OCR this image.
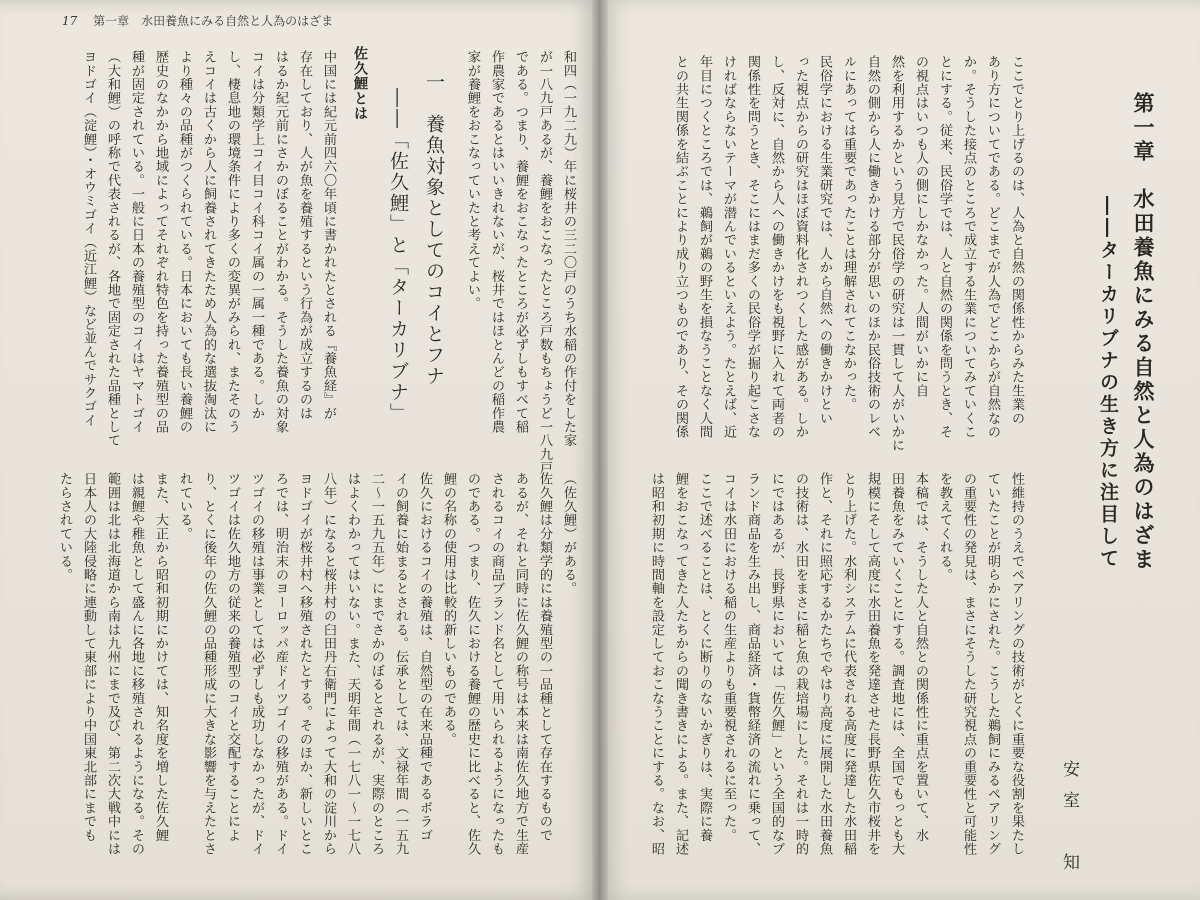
17 第一章　水田養魚にみる自然と人為のはざま
一　養魚対象としてのコイとフナ
――「佐久鯉」と「ターカリブナ」
佐久鯉とは	和四（一九二九）年に桜井の三二〇戸のうち水稲の作付をした家
が一八九戸あるが、養鯉をおこなったところ戸数もちょうど一八九戸
である。つまり、養鯉をおこなったところが必ずしもすべて稲
作農家であるとはいいきれないが、桜井ではほとんどの稲作農
家が養鯉をおこなっていたと考えてよい。
中国には紀元前四六〇年頃に書かれたとされる『養魚経』が
存在しており、人が魚を養殖するという行為が成立するのは
はるか紀元前にさかのぼることがわかる。そうした養魚の対象
コイは分類学上コイ目コイ科コイ属の一属一種である。しか
し、棲息地の環境条件により多くの変異がみられ、またそのう
えコイは古くから人に飼養されてきたため人為的な選抜淘汰に
より種々の品種がつくられている。日本においても長い養鯉の
歴史のなかから地域によってそれぞれ特色を持った養殖型の品
種が固定されている。一般に日本の養殖型のコイはヤマトゴイ
（大和鯉）の呼称で代表されるが、各地で固定された品種として
ヨドゴイ（淀鯉）・オウミゴイ（近江鯉）など並んでサクゴイ
（佐久鯉）がある。
佐久鯉は分類学的には養殖型の一品種として存在するもので
あるが、それと同時に佐久鯉の称号は本来は南佐久地方で生産
されるコイの商品ブランド名として用いられるようになったも
のである。つまり、佐久における養鯉の歴史に比べると、佐久
鯉の名称の使用は比較的新しいものである。
佐久におけるコイの養殖は、自然型の在来品種であるボラゴ
イの飼養に始まるとされる。伝承としては、文禄年間（一五九
二～一五九五年）にまでさかのぼるとされるが、実際のところ
はよくわかってはいない。また、天明年間（一七八一～一七八
八年）になると桜井村の臼田丹右衛門によって大和の淀川から
ヨドゴイが桜井村へ移殖されたとする。そのほか、新しいとこ
ろでは、明治末のヨーロッパ産ドイツゴイの移殖がある。ドイ
ツゴイの移殖は事業としては必ずしも成功しなかったが、ドイ
ツゴイは佐久地方の従来の養殖型のコイと交配することによ
り、とくに後年の佐久鯉の品種形成に大きな影響を与えたとさ
れている。
また、大正から昭和初期にかけては、知名度を増した佐久鯉
は親鯉や稚魚として盛んに各地に移殖されるようになる。その
範囲は北は北海道から南は九州にまで及び、第二次大戦中には
日本人の大陸侵略に連動して東部により中国東北部にまでも
たらされている。	第一章　水田養魚にみる自然と人為のはざま
――ターカリブナの生き方に注目して
安室　知
ここでとり上げるのは、人為と自然の関係性からみた生業の
あり方についてである。どこまでが人為でどこからが自然なの
か。そうした接点のところで成立する生業についてみていくこ
とにする。従来、民俗学では、人と自然の関係を問うとき、そ
の視点はいつも人の側にしかなかった。人間がいかに自
然を利用するかという見方で民俗学の研究は一貫して人がいかに
自然の側から人に働きかける部分が思いのほか民俗技術のレベ
ルにあっては重要であったことは理解されてこなかった。
民俗学における生業研究では、人から自然への働きかけとい
った視点からの研究はほぼ資料化されつくした感がある。しか
し、反対に、自然から人への働きかけをも視野に入れて両者の
関係性を問うとき、そこにはまだ多くの民俗学が掘り起こさな
ければならないテーマが潜んでいるといえよう。たとえば、近
年目につくところでは、鵜飼が鵜の野生を損なうことなく人間
との共生関係を結ぶことにより成り立つものであり、その関係
性維持のうえでペアリングの技術がとくに重要な役割を果たし
ていたことが明らかにされた。こうした鵜飼にみるペアリング
の重要性の発見は、まさにそうした研究視点の重要性と可能性
を教えてくれる。
本稿では、そうした人と自然との関係性に重点を置いて、水
田養魚をみていくことにする。調査地には、全国でもっとも大
規模にそして高度に水田養魚を発達させた長野県佐久市桜井を
とり上げた。水利システムに代表される高度に発達した水田稲
作と、それに照応するかたちでやはり高度に展開した水田養魚
の技術は、水田をまさに稲と魚の栽培場にした。それは一時的
にではあるが、長野県においては「佐久鯉」という全国的なブ
ランド商品を生み出し、商品経済・貨幣経済の流れに乗って、
コイは水田における稲の生産よりも重要視されるに至った。
ここで述べることは、とくに断りのないかぎりは、実際に養
鯉をおこなってきた人たちからの聞き書きによる。また、記述
は昭和初期に時間軸を設定しておこなうことにする。なお、昭
